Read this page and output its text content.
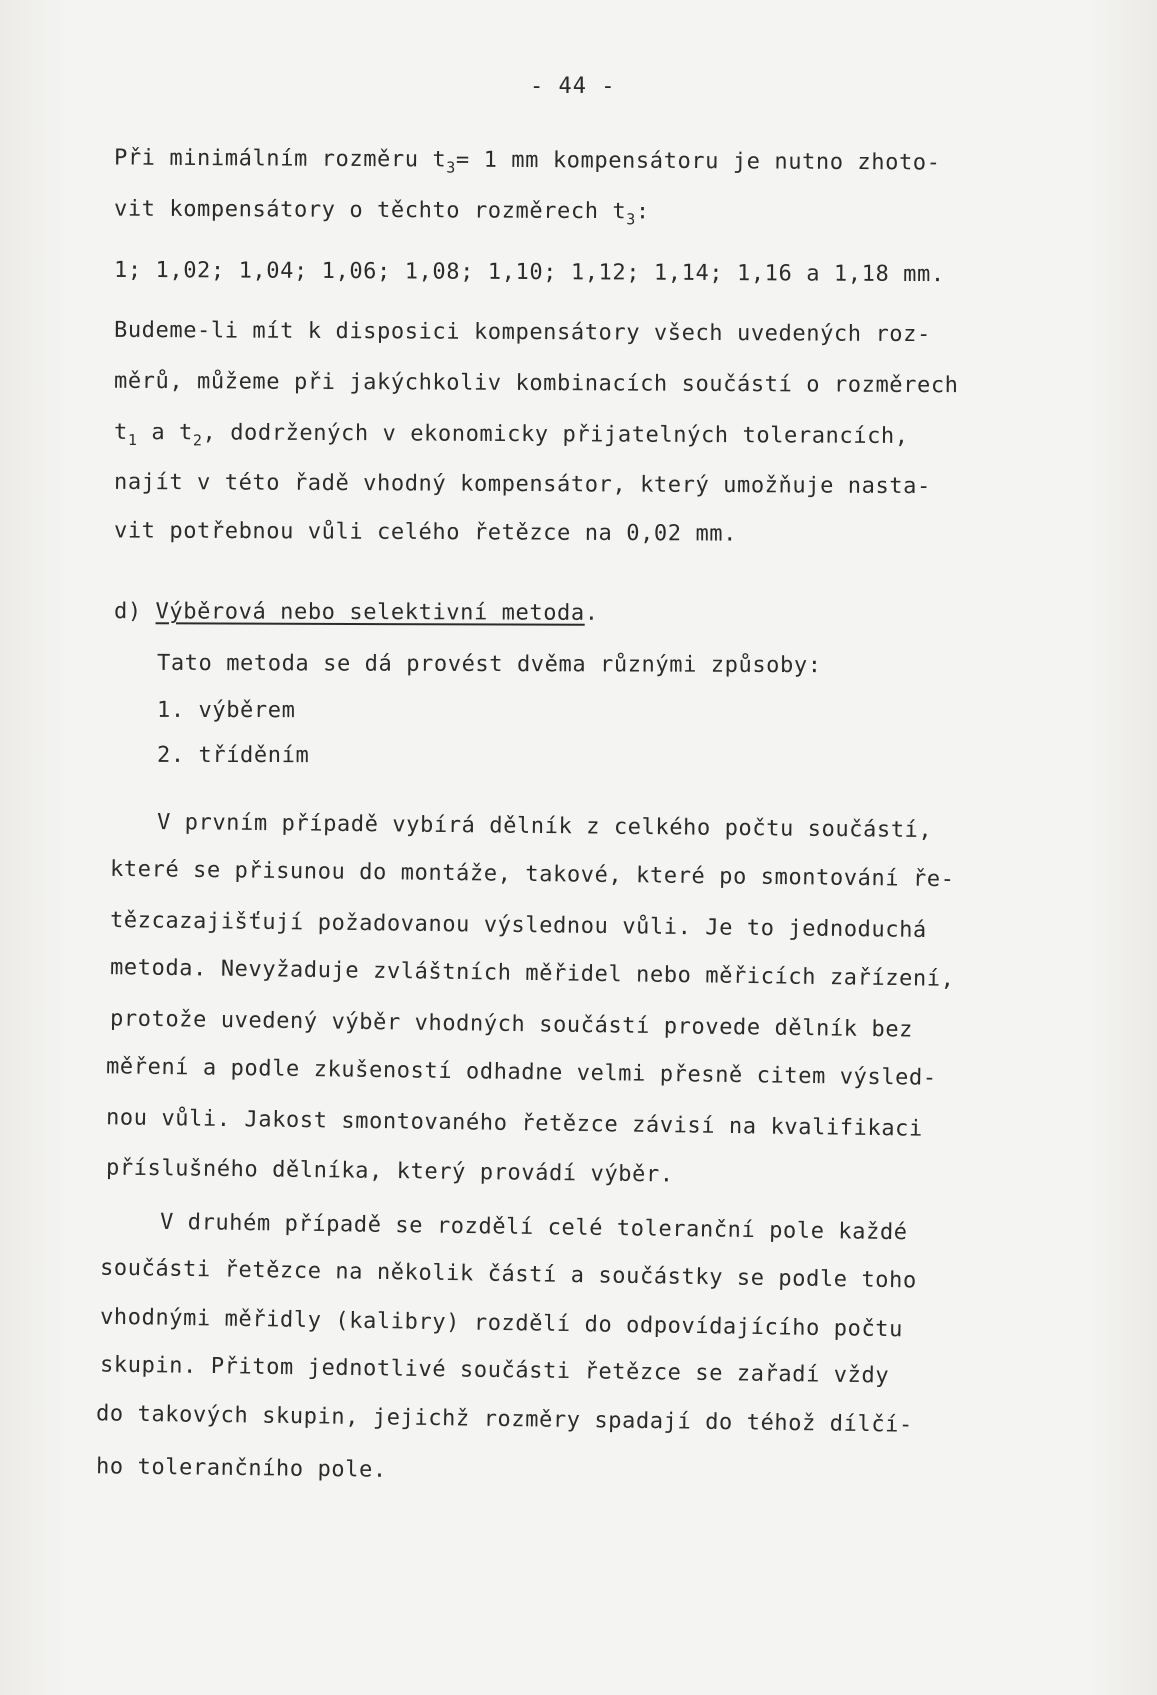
- 44 -
Při minimálním rozměru $t_3= 1$ mm kompensátoru je nutno zhoto-
vit kompensátory o těchto rozměrech $t_3$:
1; 1,02; 1,04; 1,06; 1,08; 1,10; 1,12; 1,14; 1,16 a 1,18 mm.
Budeme-li mít k disposici kompensátory všech uvedených roz-
měrů, můžeme při jakýchkoliv kombinacích součástí o rozměrech
$t_1$ a $t_2$, dodržených v ekonomicky přijatelných tolerancích,
najít v této řadě vhodný kompensátor, který umožňuje nasta-
vit potřebnou vůli celého řetězce na 0,02 mm.
d) Výběrová nebo selektivní metoda.
Tato metoda se dá provést dvěma různými způsoby:
1. výběrem
2. tříděním
V prvním případě vybírá dělník z celkého počtu součástí,
které se přisunou do montáže, takové, které po smontování ře-
tězcazajišťují požadovanou výslednou vůli. Je to jednoduchá
metoda. Nevyžaduje zvláštních měřidel nebo měřicích zařízení,
protože uvedený výběr vhodných součástí provede dělník bez
měření a podle zkušeností odhadne velmi přesně citem výsled-
nou vůli. Jakost smontovaného řetězce závisí na kvalifikaci
příslušného dělníka, který provádí výběr.
V druhém případě se rozdělí celé toleranční pole každé
součásti řetězce na několik částí a součástky se podle toho
vhodnými měřidly (kalibry) rozdělí do odpovídajícího počtu
skupin. Přitom jednotlivé součásti řetězce se zařadí vždy
do takových skupin, jejichž rozměry spadají do téhož dílčí-
ho tolerančního pole.
